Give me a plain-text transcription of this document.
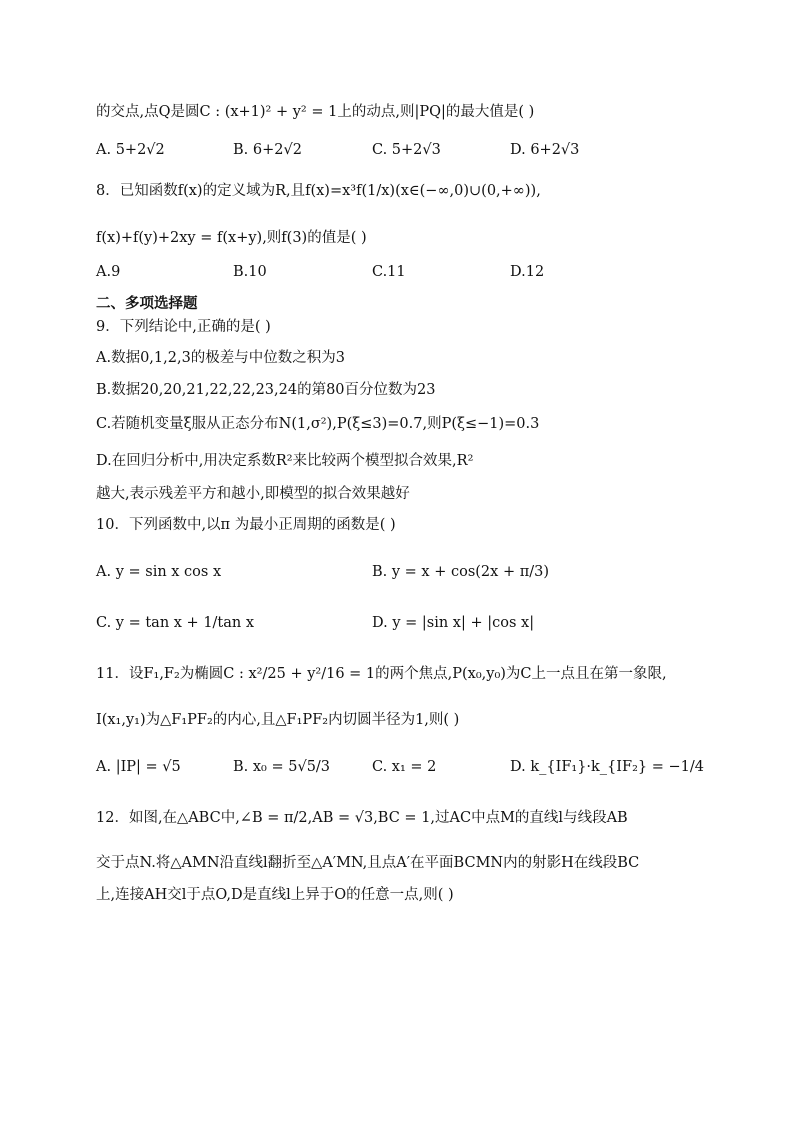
的交点,点Q是圆C : (x+1)² + y² = 1上的动点,则|PQ|的最大值是( )
A. 5+2√2	B. 6+2√2	C. 5+2√3	D. 6+2√3
8．已知函数f(x)的定义域为R,且f(x)=x³f(1/x)(x∈(−∞,0)∪(0,+∞)),
f(x)+f(y)+2xy = f(x+y),则f(3)的值是( )
A.9	B.10	C.11	D.12
二、多项选择题
9．下列结论中,正确的是( )
A.数据0,1,2,3的极差与中位数之积为3
B.数据20,20,21,22,22,23,24的第80百分位数为23
C.若随机变量ξ服从正态分布N(1,σ²),P(ξ≤3)=0.7,则P(ξ≤−1)=0.3
D.在回归分析中,用决定系数R²来比较两个模型拟合效果,R²
越大,表示残差平方和越小,即模型的拟合效果越好
10．下列函数中,以π 为最小正周期的函数是( )
A. y = sin x cos x	B. y = x + cos(2x + π/3)
C. y = tan x + 1/tan x	D. y = |sin x| + |cos x|
11．设F₁,F₂为椭圆C : x²/25 + y²/16 = 1的两个焦点,P(x₀,y₀)为C上一点且在第一象限,
I(x₁,y₁)为△F₁PF₂的内心,且△F₁PF₂内切圆半径为1,则( )
A. |IP| = √5	B. x₀ = 5√5/3	C. x₁ = 2	D. k_{IF₁}·k_{IF₂} = −1/4
12．如图,在△ABC中,∠B = π/2,AB = √3,BC = 1,过AC中点M的直线l与线段AB
交于点N.将△AMN沿直线l翻折至△A′MN,且点A′在平面BCMN内的射影H在线段BC
上,连接AH交l于点O,D是直线l上异于O的任意一点,则( )
